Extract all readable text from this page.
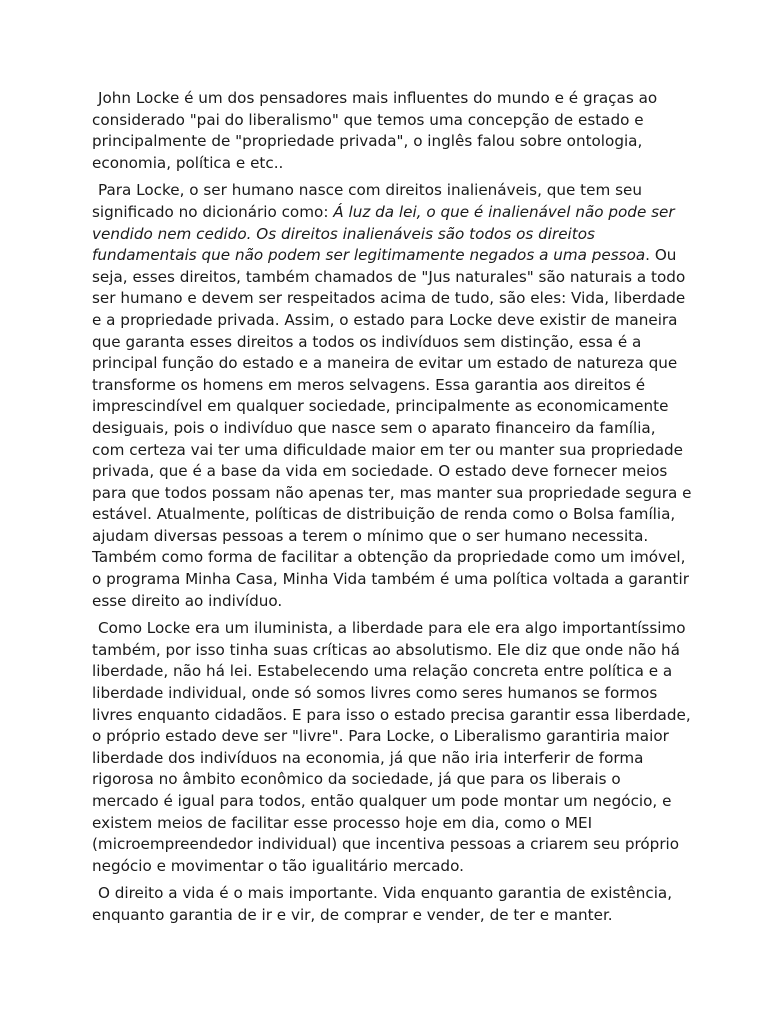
John Locke é um dos pensadores mais influentes do mundo e é graças ao considerado "pai do liberalismo" que temos uma concepção de estado e principalmente de "propriedade privada", o inglês falou sobre ontologia, economia, política e etc..

Para Locke, o ser humano nasce com direitos inalienáveis, que tem seu significado no dicionário como: Á luz da lei, o que é inalienável não pode ser vendido nem cedido. Os direitos inalienáveis são todos os direitos fundamentais que não podem ser legitimamente negados a uma pessoa. Ou seja, esses direitos, também chamados de "Jus naturales" são naturais a todo ser humano e devem ser respeitados acima de tudo, são eles: Vida, liberdade e a propriedade privada. Assim, o estado para Locke deve existir de maneira que garanta esses direitos a todos os indivíduos sem distinção, essa é a principal função do estado e a maneira de evitar um estado de natureza que transforme os homens em meros selvagens. Essa garantia aos direitos é imprescindível em qualquer sociedade, principalmente as economicamente desiguais, pois o indivíduo que nasce sem o aparato financeiro da família, com certeza vai ter uma dificuldade maior em ter ou manter sua propriedade privada, que é a base da vida em sociedade. O estado deve fornecer meios para que todos possam não apenas ter, mas manter sua propriedade segura e estável. Atualmente, políticas de distribuição de renda como o Bolsa família, ajudam diversas pessoas a terem o mínimo que o ser humano necessita. Também como forma de facilitar a obtenção da propriedade como um imóvel, o programa Minha Casa, Minha Vida também é uma política voltada a garantir esse direito ao indivíduo.

Como Locke era um iluminista, a liberdade para ele era algo importantíssimo também, por isso tinha suas críticas ao absolutismo. Ele diz que onde não há liberdade, não há lei. Estabelecendo uma relação concreta entre política e a liberdade individual, onde só somos livres como seres humanos se formos livres enquanto cidadãos. E para isso o estado precisa garantir essa liberdade, o próprio estado deve ser "livre". Para Locke, o Liberalismo garantiria maior liberdade dos indivíduos na economia, já que não iria interferir de forma rigorosa no âmbito econômico da sociedade, já que para os liberais o mercado é igual para todos, então qualquer um pode montar um negócio, e existem meios de facilitar esse processo hoje em dia, como o MEI (microempreendedor individual) que incentiva pessoas a criarem seu próprio negócio e movimentar o tão igualitário mercado.

O direito a vida é o mais importante. Vida enquanto garantia de existência, enquanto garantia de ir e vir, de comprar e vender, de ter e manter.
